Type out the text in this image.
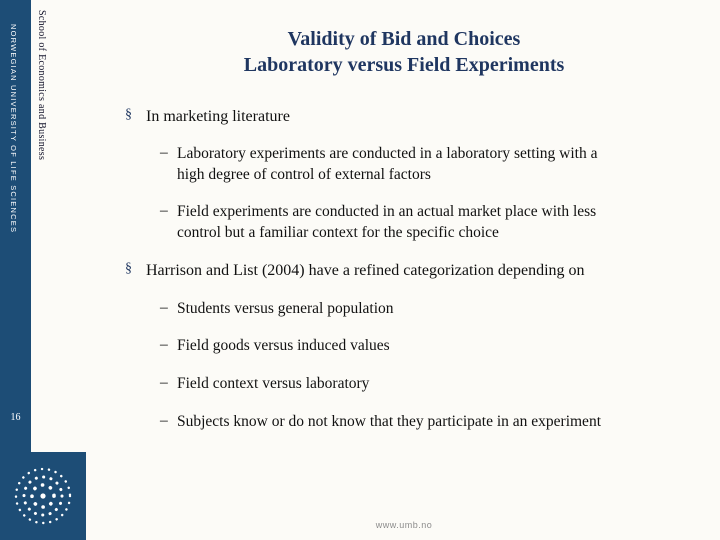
NORWEGIAN UNIVERSITY OF LIFE SCIENCES School of Economics and Business
16
Validity of Bid and Choices
Laboratory versus Field Experiments
§ In marketing literature
– Laboratory experiments are conducted in a laboratory setting with a high degree of control of external factors
– Field experiments are conducted in an actual market place with less control but a familiar context for the specific choice
§ Harrison and List (2004) have a refined categorization depending on
– Students versus general population
– Field goods versus induced values
– Field context versus laboratory
– Subjects know or do not know that they participate in an experiment
www.umb.no
